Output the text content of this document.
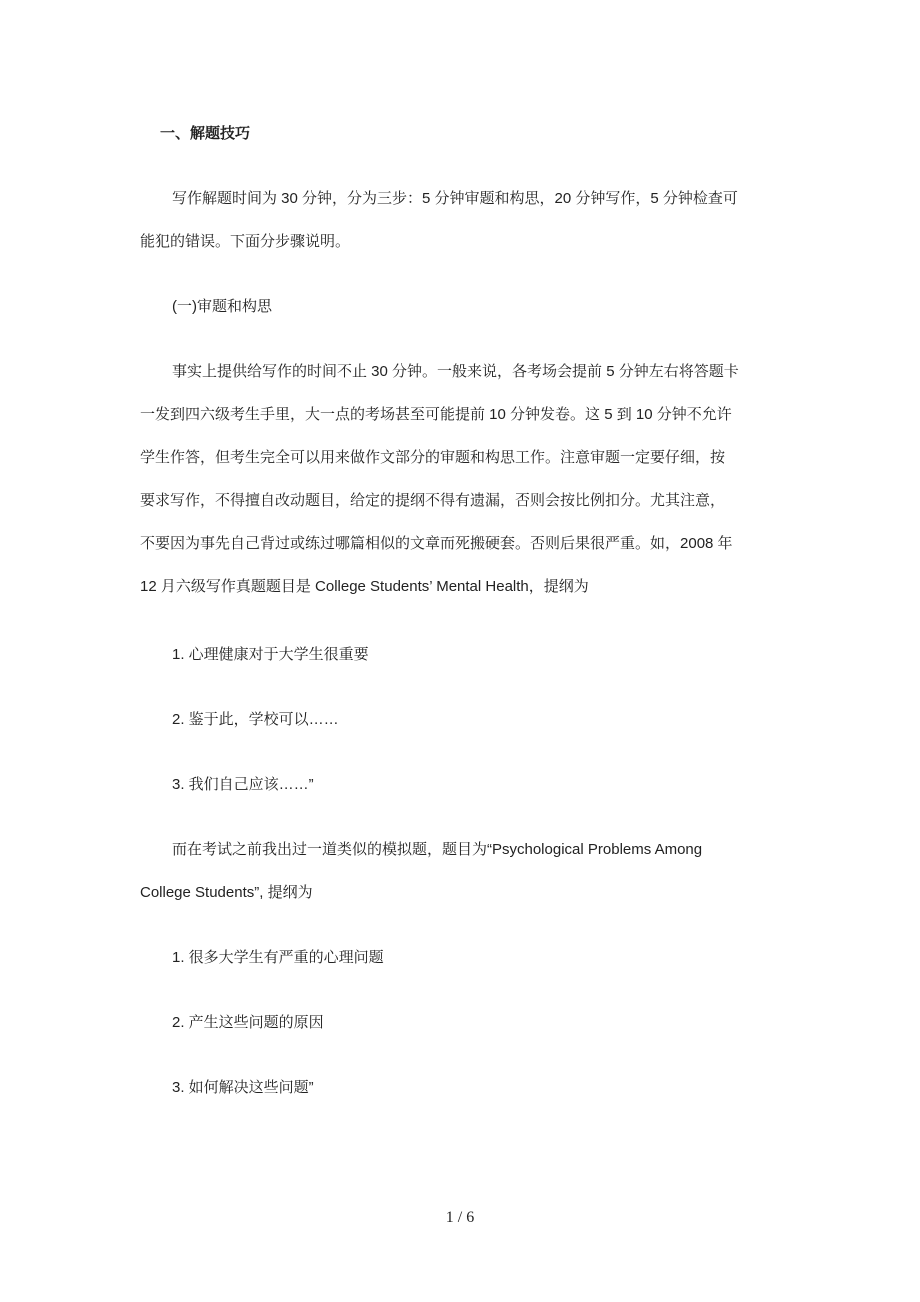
一、解题技巧
写作解题时间为 30 分钟，分为三步：5 分钟审题和构思，20 分钟写作，5 分钟检查可
能犯的错误。下面分步骤说明。
(一)审题和构思
事实上提供给写作的时间不止 30 分钟。一般来说，各考场会提前 5 分钟左右将答题卡
一发到四六级考生手里，大一点的考场甚至可能提前 10 分钟发卷。这 5 到 10 分钟不允许
学生作答，但考生完全可以用来做作文部分的审题和构思工作。注意审题一定要仔细，按
要求写作，不得擅自改动题目，给定的提纲不得有遗漏，否则会按比例扣分。尤其注意，
不要因为事先自己背过或练过哪篇相似的文章而死搬硬套。否则后果很严重。如，2008 年
12 月六级写作真题题目是 College Students’ Mental Health，提纲为
1. 心理健康对于大学生很重要
2. 鉴于此，学校可以……
3. 我们自己应该……”
而在考试之前我出过一道类似的模拟题，题目为“Psychological Problems Among
College Students”, 提纲为
1. 很多大学生有严重的心理问题
2. 产生这些问题的原因
3. 如何解决这些问题”
1 / 6
